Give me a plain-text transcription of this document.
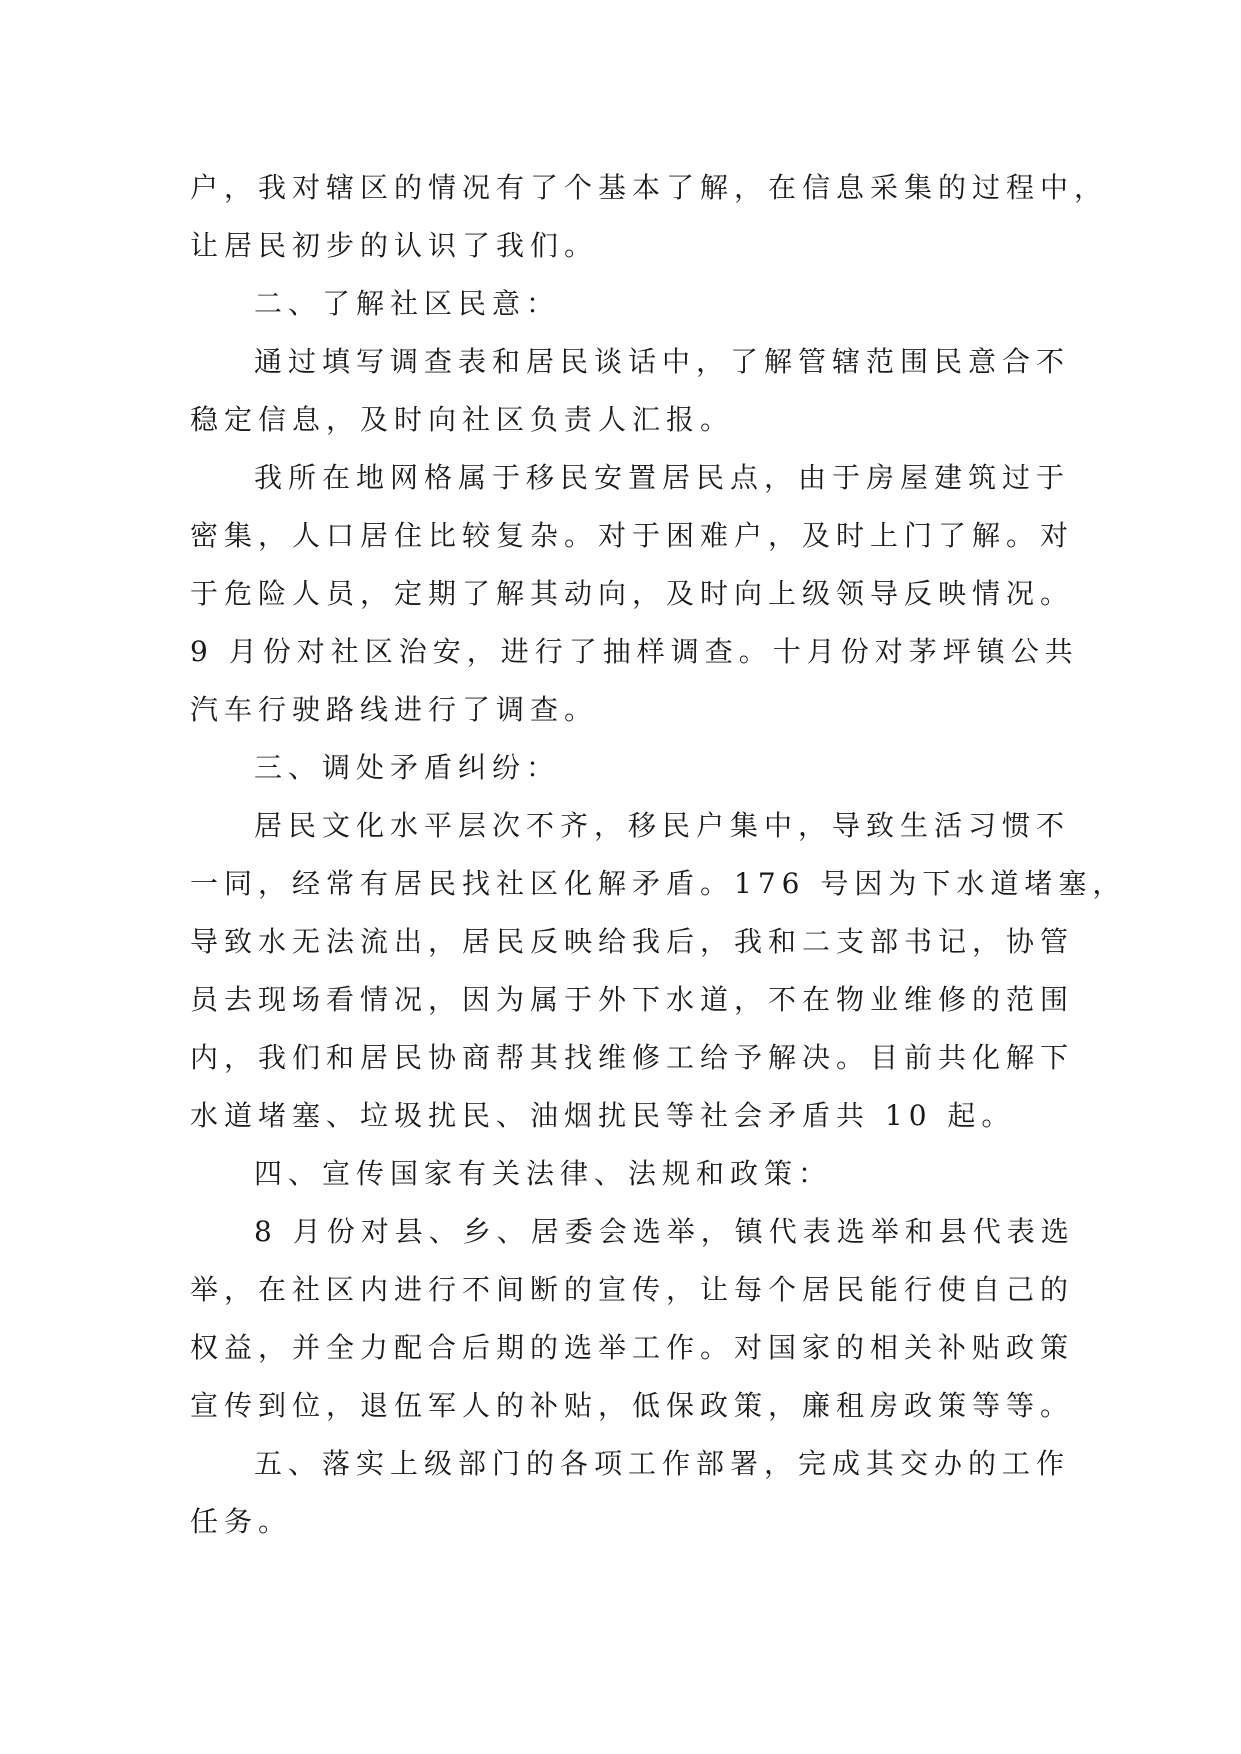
户，我对辖区的情况有了个基本了解，在信息采集的过程中，
让居民初步的认识了我们。
二、了解社区民意：
通过填写调查表和居民谈话中，了解管辖范围民意合不
稳定信息，及时向社区负责人汇报。
我所在地网格属于移民安置居民点，由于房屋建筑过于
密集，人口居住比较复杂。对于困难户，及时上门了解。对
于危险人员，定期了解其动向，及时向上级领导反映情况。
9 月份对社区治安，进行了抽样调查。十月份对茅坪镇公共
汽车行驶路线进行了调查。
三、调处矛盾纠纷：
居民文化水平层次不齐，移民户集中，导致生活习惯不
一同，经常有居民找社区化解矛盾。176 号因为下水道堵塞，
导致水无法流出，居民反映给我后，我和二支部书记，协管
员去现场看情况，因为属于外下水道，不在物业维修的范围
内，我们和居民协商帮其找维修工给予解决。目前共化解下
水道堵塞、垃圾扰民、油烟扰民等社会矛盾共 10 起。
四、宣传国家有关法律、法规和政策：
8 月份对县、乡、居委会选举，镇代表选举和县代表选
举，在社区内进行不间断的宣传，让每个居民能行使自己的
权益，并全力配合后期的选举工作。对国家的相关补贴政策
宣传到位，退伍军人的补贴，低保政策，廉租房政策等等。
五、落实上级部门的各项工作部署，完成其交办的工作
任务。
